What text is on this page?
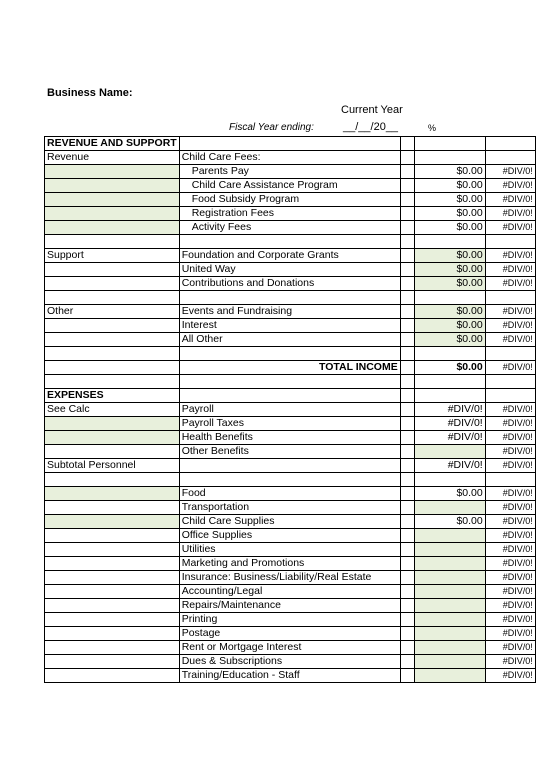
Business Name:
Current Year
Fiscal Year ending:	__/__/20__	%
REVENUE AND SUPPORT				
Revenue	Child Care Fees:			
	Parents Pay		$0.00	#DIV/0!
	Child Care Assistance Program		$0.00	#DIV/0!
	Food Subsidy Program		$0.00	#DIV/0!
	Registration Fees		$0.00	#DIV/0!
	Activity Fees		$0.00	#DIV/0!

Support	Foundation and Corporate Grants		$0.00	#DIV/0!
	United Way		$0.00	#DIV/0!
	Contributions and Donations		$0.00	#DIV/0!

Other	Events and Fundraising		$0.00	#DIV/0!
	Interest		$0.00	#DIV/0!
	All Other		$0.00	#DIV/0!

	TOTAL INCOME		$0.00	#DIV/0!

EXPENSES				
See Calc	Payroll		#DIV/0!	#DIV/0!
	Payroll Taxes		#DIV/0!	#DIV/0!
	Health Benefits		#DIV/0!	#DIV/0!
	Other Benefits			#DIV/0!
Subtotal Personnel			#DIV/0!	#DIV/0!

	Food		$0.00	#DIV/0!
	Transportation			#DIV/0!
	Child Care Supplies		$0.00	#DIV/0!
	Office Supplies			#DIV/0!
	Utilities			#DIV/0!
	Marketing and Promotions			#DIV/0!
	Insurance: Business/Liability/Real Estate			#DIV/0!
	Accounting/Legal			#DIV/0!
	Repairs/Maintenance			#DIV/0!
	Printing			#DIV/0!
	Postage			#DIV/0!
	Rent or Mortgage Interest			#DIV/0!
	Dues & Subscriptions			#DIV/0!
	Training/Education - Staff			#DIV/0!
